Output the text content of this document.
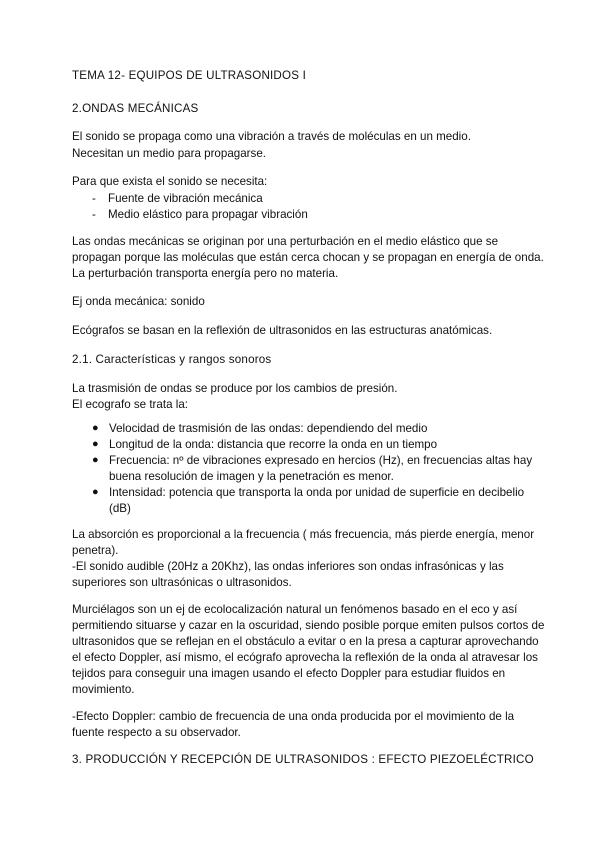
TEMA 12- EQUIPOS DE ULTRASONIDOS I
2.ONDAS MECÁNICAS
El sonido se propaga como una vibración a través de moléculas en un medio.
Necesitan un medio para propagarse.
Para que exista el sonido se necesita:
- Fuente de vibración mecánica
- Medio elástico para propagar vibración
Las ondas mecánicas se originan por una perturbación en el medio elástico que se
propagan porque las moléculas que están cerca chocan y se propagan en energía de onda.
La perturbación transporta energía pero no materia.
Ej onda mecánica: sonido
Ecógrafos se basan en la reflexión de ultrasonidos en las estructuras anatómicas.
2.1. Características y rangos sonoros
La trasmisión de ondas se produce por los cambios de presión.
El ecografo se trata la:
● Velocidad de trasmisión de las ondas: dependiendo del medio
● Longitud de la onda: distancia que recorre la onda en un tiempo
● Frecuencia: nº de vibraciones expresado en hercios (Hz), en frecuencias altas hay
buena resolución de imagen y la penetración es menor.
● Intensidad: potencia que transporta la onda por unidad de superficie en decibelio
(dB)
La absorción es proporcional a la frecuencia ( más frecuencia, más pierde energía, menor
penetra).
-El sonido audible (20Hz a 20Khz), las ondas inferiores son ondas infrasónicas y las
superiores son ultrasónicas o ultrasonidos.
Murciélagos son un ej de ecolocalización natural un fenómenos basado en el eco y así
permitiendo situarse y cazar en la oscuridad, siendo posible porque emiten pulsos cortos de
ultrasonidos que se reflejan en el obstáculo a evitar o en la presa a capturar aprovechando
el efecto Doppler, así mismo, el ecógrafo aprovecha la reflexión de la onda al atravesar los
tejidos para conseguir una imagen usando el efecto Doppler para estudiar fluidos en
movimiento.
-Efecto Doppler: cambio de frecuencia de una onda producida por el movimiento de la
fuente respecto a su observador.
3. PRODUCCIÓN Y RECEPCIÓN DE ULTRASONIDOS : EFECTO PIEZOELÉCTRICO
